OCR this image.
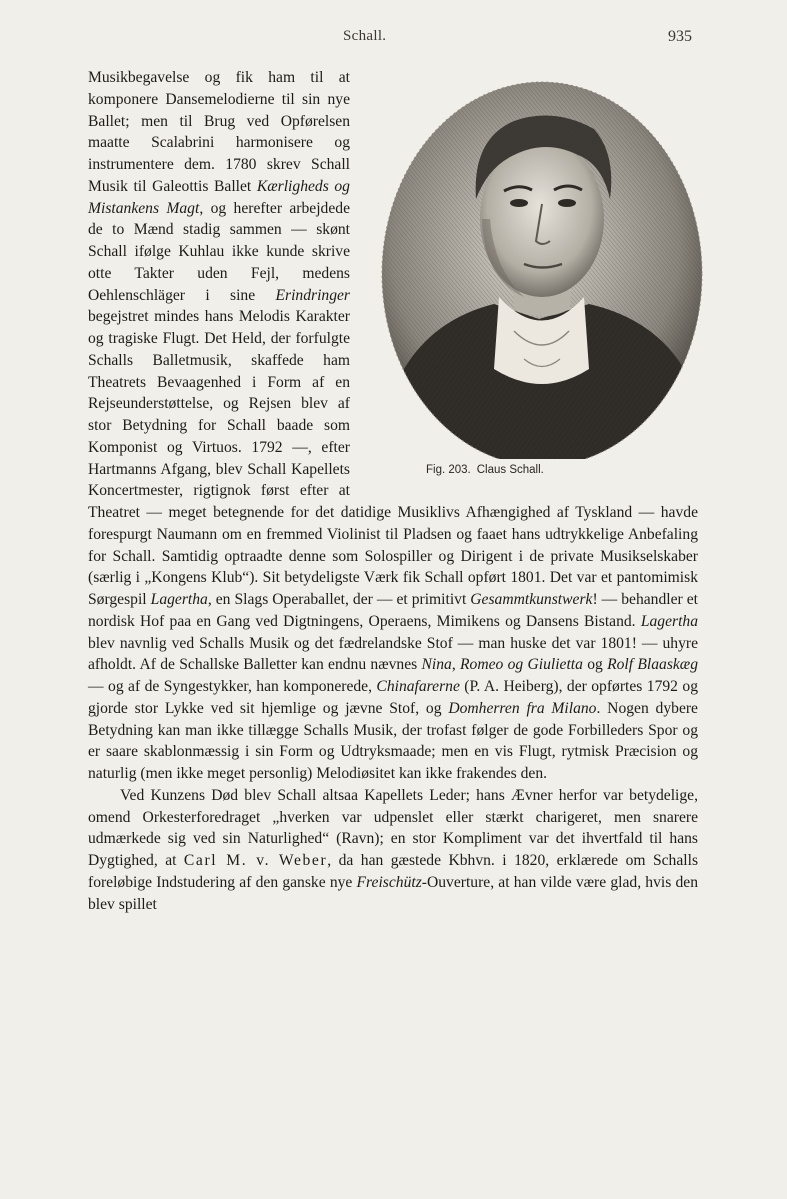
Schall.	935
Fig. 203. Claus Schall.

Musikbegavelse og fik ham til at komponere Dansemelodierne til sin nye Ballet; men til Brug ved Opførelsen maatte Scalabrini harmonisere og instrumentere dem. 1780 skrev Schall Musik til Galeottis Ballet Kærligheds og Mistankens Magt, og herefter arbejdede de to Mænd stadig sammen — skønt Schall ifølge Kuhlau ikke kunde skrive otte Takter uden Fejl, medens Oehlenschläger i sine Erindringer begejstret mindes hans Melodis Karakter og tragiske Flugt. Det Held, der forfulgte Schalls Balletmusik, skaffede ham Theatrets Bevaagenhed i Form af en Rejseunderstøttelse, og Rejsen blev af stor Betydning for Schall baade som Komponist og Virtuos. 1792 —, efter Hartmanns Afgang, blev Schall Kapellets Koncertmester, rigtignok først efter at Theatret — meget betegnende for det datidige Musiklivs Afhængighed af Tyskland — havde forespurgt Naumann om en fremmed Violinist til Pladsen og faaet hans udtrykkelige Anbefaling for Schall. Samtidig optraadte denne som Solospiller og Dirigent i de private Musikselskaber (særlig i „Kongens Klub“). Sit betydeligste Værk fik Schall opført 1801. Det var et pantomimisk Sørgespil Lagertha, en Slags Operaballet, der — et primitivt Gesammtkunstwerk! — behandler et nordisk Hof paa en Gang ved Digtningens, Operaens, Mimikens og Dansens Bistand. Lagertha blev navnlig ved Schalls Musik og det fædrelandske Stof — man huske det var 1801! — uhyre afholdt. Af de Schallske Balletter kan endnu nævnes Nina, Romeo og Giulietta og Rolf Blaaskæg — og af de Syngestykker, han komponerede, Chinafarerne (P. A. Heiberg), der opførtes 1792 og gjorde stor Lykke ved sit hjemlige og jævne Stof, og Domherren fra Milano. Nogen dybere Betydning kan man ikke tillægge Schalls Musik, der trofast følger de gode Forbilleders Spor og er saare skablonmæssig i sin Form og Udtryksmaade; men en vis Flugt, rytmisk Præcision og naturlig (men ikke meget personlig) Melodiøsitet kan ikke frakendes den.

Ved Kunzens Død blev Schall altsaa Kapellets Leder; hans Ævner herfor var betydelige, omend Orkesterforedraget „hverken var udpenslet eller stærkt charigeret, men snarere udmærkede sig ved sin Naturlighed“ (Ravn); en stor Kompliment var det ihvertfald til hans Dygtighed, at Carl M. v. Weber, da han gæstede Kbhvn. i 1820, erklærede om Schalls foreløbige Indstudering af den ganske nye Freischütz-Ouverture, at han vilde være glad, hvis den blev spillet
